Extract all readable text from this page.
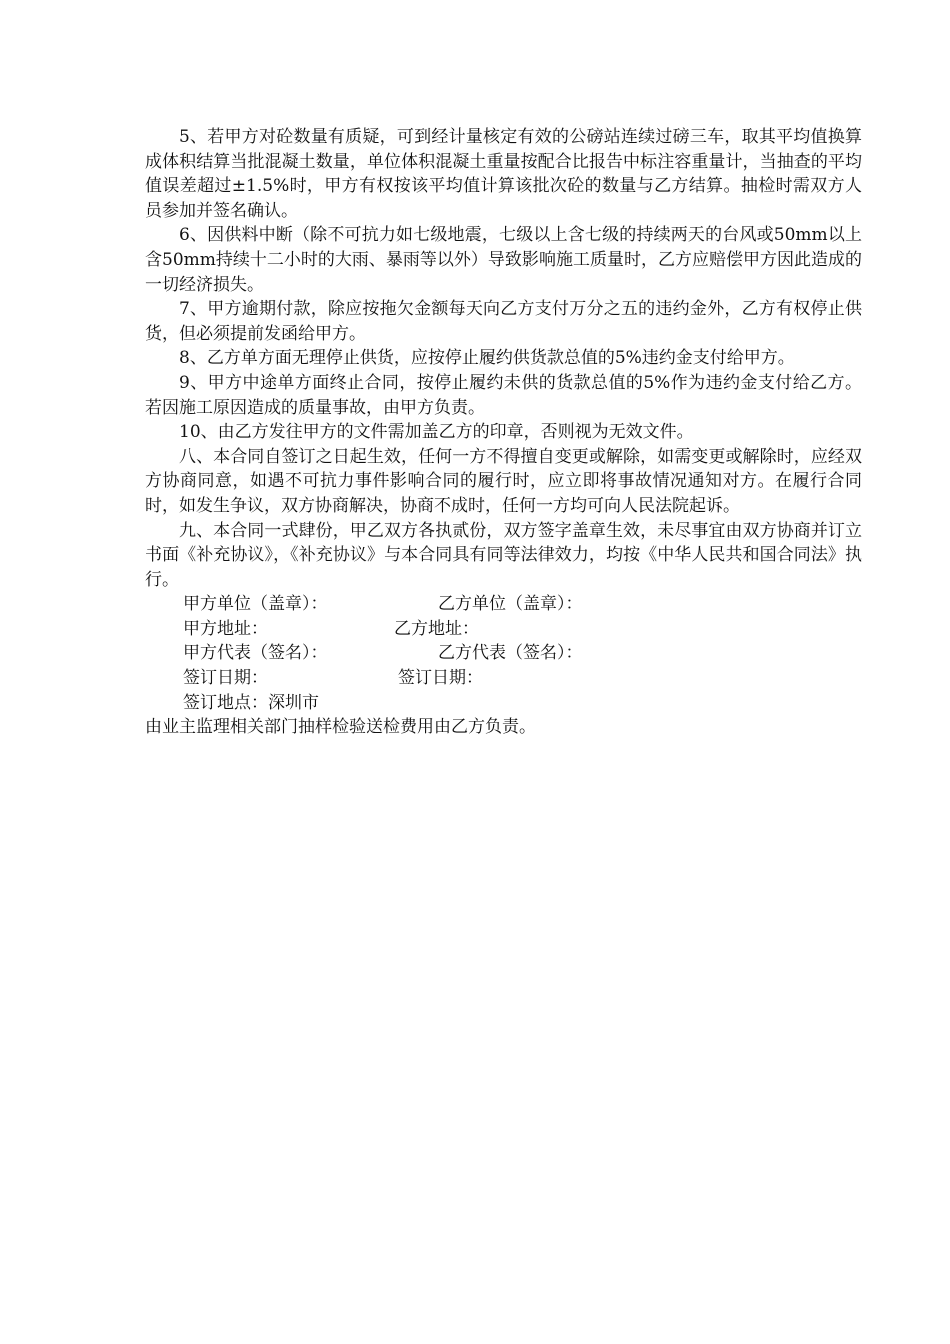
5、若甲方对砼数量有质疑，可到经计量核定有效的公磅站连续过磅三车，取其平均值换算成体积结算当批混凝土数量，单位体积混凝土重量按配合比报告中标注容重量计，当抽查的平均值误差超过±1.5%时，甲方有权按该平均值计算该批次砼的数量与乙方结算。抽检时需双方人员参加并签名确认。

6、因供料中断（除不可抗力如七级地震，七级以上含七级的持续两天的台风或50mm以上含50mm持续十二小时的大雨、暴雨等以外）导致影响施工质量时，乙方应赔偿甲方因此造成的一切经济损失。

7、甲方逾期付款，除应按拖欠金额每天向乙方支付万分之五的违约金外，乙方有权停止供货，但必须提前发函给甲方。

8、乙方单方面无理停止供货，应按停止履约供货款总值的5%违约金支付给甲方。

9、甲方中途单方面终止合同，按停止履约未供的货款总值的5%作为违约金支付给乙方。若因施工原因造成的质量事故，由甲方负责。

10、由乙方发往甲方的文件需加盖乙方的印章，否则视为无效文件。

八、本合同自签订之日起生效，任何一方不得擅自变更或解除，如需变更或解除时，应经双方协商同意，如遇不可抗力事件影响合同的履行时，应立即将事故情况通知对方。在履行合同时，如发生争议，双方协商解决，协商不成时，任何一方均可向人民法院起诉。

九、本合同一式肆份，甲乙双方各执贰份，双方签字盖章生效，未尽事宜由双方协商并订立书面《补充协议》，《补充协议》与本合同具有同等法律效力，均按《中华人民共和国合同法》执行。

甲方单位（盖章）：	乙方单位（盖章）：
甲方地址：	乙方地址：
甲方代表（签名）：	乙方代表（签名）：
签订日期：	签订日期：
签订地点：深圳市

由业主监理相关部门抽样检验送检费用由乙方负责。
